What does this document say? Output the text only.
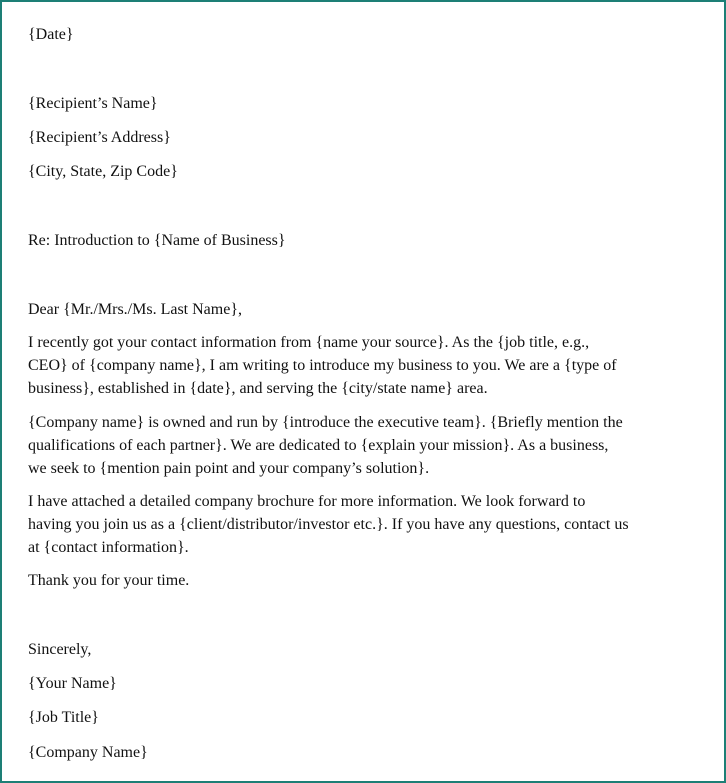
{Date}
{Recipient’s Name}
{Recipient’s Address}
{City, State, Zip Code}
Re: Introduction to {Name of Business}
Dear {Mr./Mrs./Ms. Last Name},
I recently got your contact information from {name your source}. As the {job title, e.g.,
CEO} of {company name}, I am writing to introduce my business to you. We are a {type of
business}, established in {date}, and serving the {city/state name} area.
{Company name} is owned and run by {introduce the executive team}. {Briefly mention the
qualifications of each partner}. We are dedicated to {explain your mission}. As a business,
we seek to {mention pain point and your company’s solution}.
I have attached a detailed company brochure for more information. We look forward to
having you join us as a {client/distributor/investor etc.}. If you have any questions, contact us
at {contact information}.
Thank you for your time.
Sincerely,
{Your Name}
{Job Title}
{Company Name}
